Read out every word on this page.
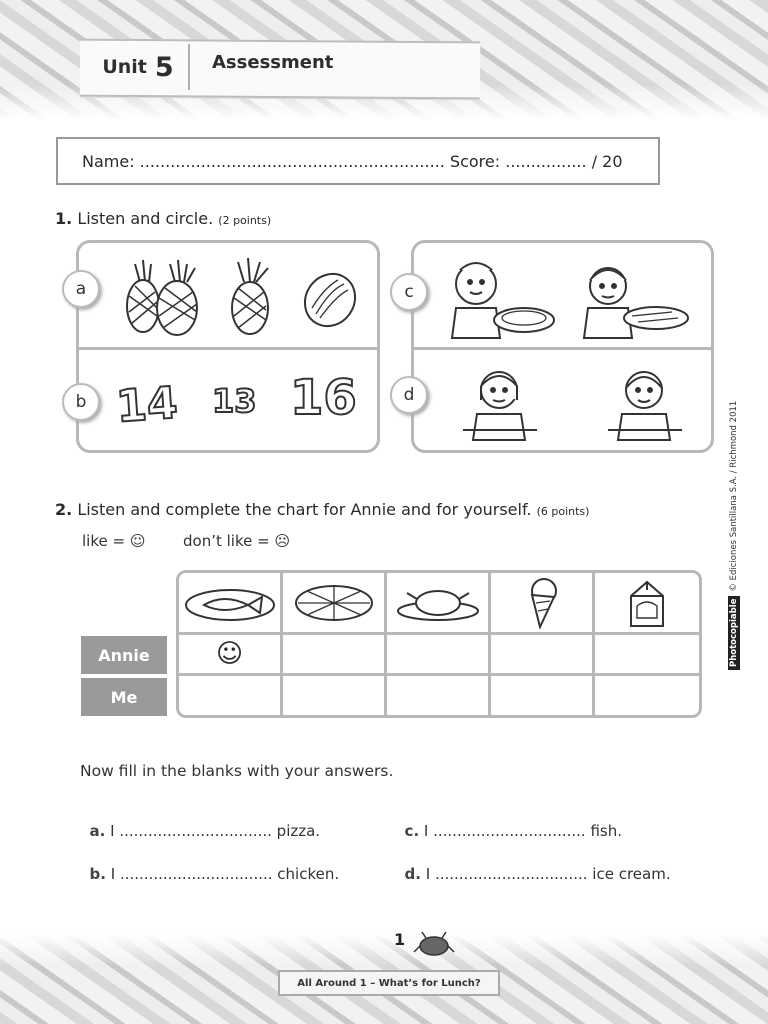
Unit 5 Assessment
Name: ............................................................ Score: ................ / 20
1. Listen and circle. (2 points)
a
b
c
d
14 13 16
2. Listen and complete the chart for Annie and for yourself. (6 points)
like = ☺	don’t like = ☹
☺
Annie
Me
Now fill in the blanks with your answers.

a. I ................................ pizza.

b. I ................................ chicken.

c. I ................................ fish.

d. I ................................ ice cream.

Photocopiable
© Ediciones Santillana S.A. / Richmond 2011
1
All Around 1 – What’s for Lunch?
